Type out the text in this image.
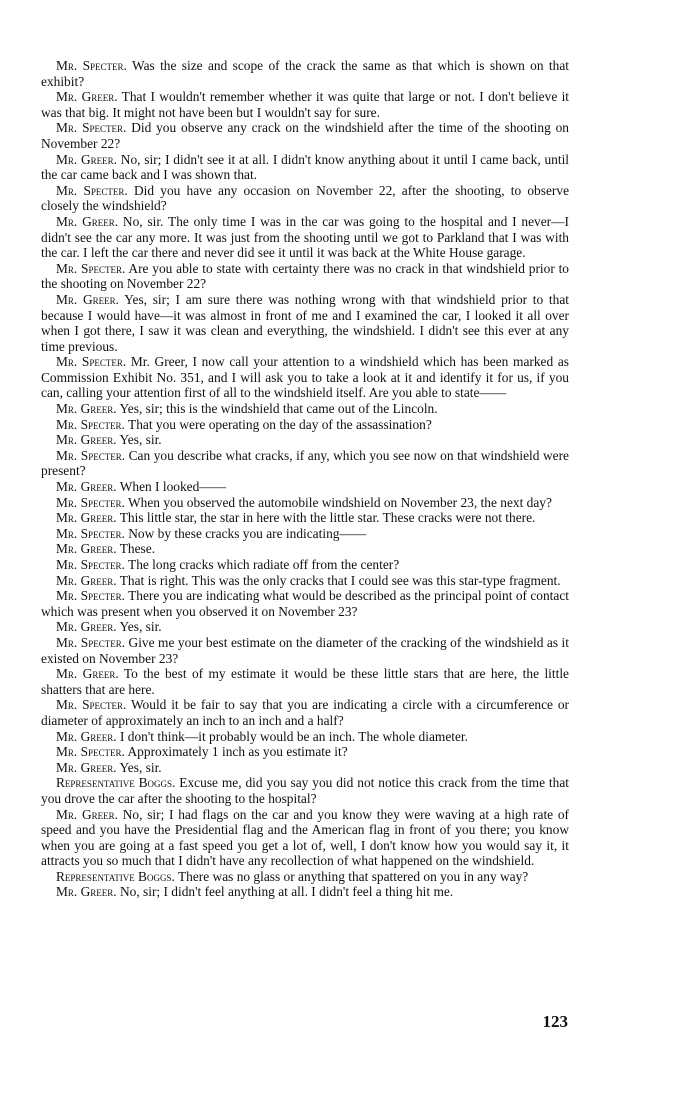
Mr. Specter. Was the size and scope of the crack the same as that which is shown on that exhibit?

Mr. Greer. That I wouldn't remember whether it was quite that large or not. I don't believe it was that big. It might not have been but I wouldn't say for sure.

Mr. Specter. Did you observe any crack on the windshield after the time of the shooting on November 22?

Mr. Greer. No, sir; I didn't see it at all. I didn't know anything about it until I came back, until the car came back and I was shown that.

Mr. Specter. Did you have any occasion on November 22, after the shooting, to observe closely the windshield?

Mr. Greer. No, sir. The only time I was in the car was going to the hospital and I never—I didn't see the car any more. It was just from the shooting until we got to Parkland that I was with the car. I left the car there and never did see it until it was back at the White House garage.

Mr. Specter. Are you able to state with certainty there was no crack in that windshield prior to the shooting on November 22?

Mr. Greer. Yes, sir; I am sure there was nothing wrong with that windshield prior to that because I would have—it was almost in front of me and I examined the car, I looked it all over when I got there, I saw it was clean and everything, the windshield. I didn't see this ever at any time previous.

Mr. Specter. Mr. Greer, I now call your attention to a windshield which has been marked as Commission Exhibit No. 351, and I will ask you to take a look at it and identify it for us, if you can, calling your attention first of all to the windshield itself. Are you able to state——

Mr. Greer. Yes, sir; this is the windshield that came out of the Lincoln.

Mr. Specter. That you were operating on the day of the assassination?

Mr. Greer. Yes, sir.

Mr. Specter. Can you describe what cracks, if any, which you see now on that windshield were present?

Mr. Greer. When I looked——

Mr. Specter. When you observed the automobile windshield on November 23, the next day?

Mr. Greer. This little star, the star in here with the little star. These cracks were not there.

Mr. Specter. Now by these cracks you are indicating——

Mr. Greer. These.

Mr. Specter. The long cracks which radiate off from the center?

Mr. Greer. That is right. This was the only cracks that I could see was this star-type fragment.

Mr. Specter. There you are indicating what would be described as the principal point of contact which was present when you observed it on November 23?

Mr. Greer. Yes, sir.

Mr. Specter. Give me your best estimate on the diameter of the cracking of the windshield as it existed on November 23?

Mr. Greer. To the best of my estimate it would be these little stars that are here, the little shatters that are here.

Mr. Specter. Would it be fair to say that you are indicating a circle with a circumference or diameter of approximately an inch to an inch and a half?

Mr. Greer. I don't think—it probably would be an inch. The whole diameter.

Mr. Specter. Approximately 1 inch as you estimate it?

Mr. Greer. Yes, sir.

Representative Boggs. Excuse me, did you say you did not notice this crack from the time that you drove the car after the shooting to the hospital?

Mr. Greer. No, sir; I had flags on the car and you know they were waving at a high rate of speed and you have the Presidential flag and the American flag in front of you there; you know when you are going at a fast speed you get a lot of, well, I don't know how you would say it, it attracts you so much that I didn't have any recollection of what happened on the windshield.

Representative Boggs. There was no glass or anything that spattered on you in any way?

Mr. Greer. No, sir; I didn't feel anything at all. I didn't feel a thing hit me.

123
